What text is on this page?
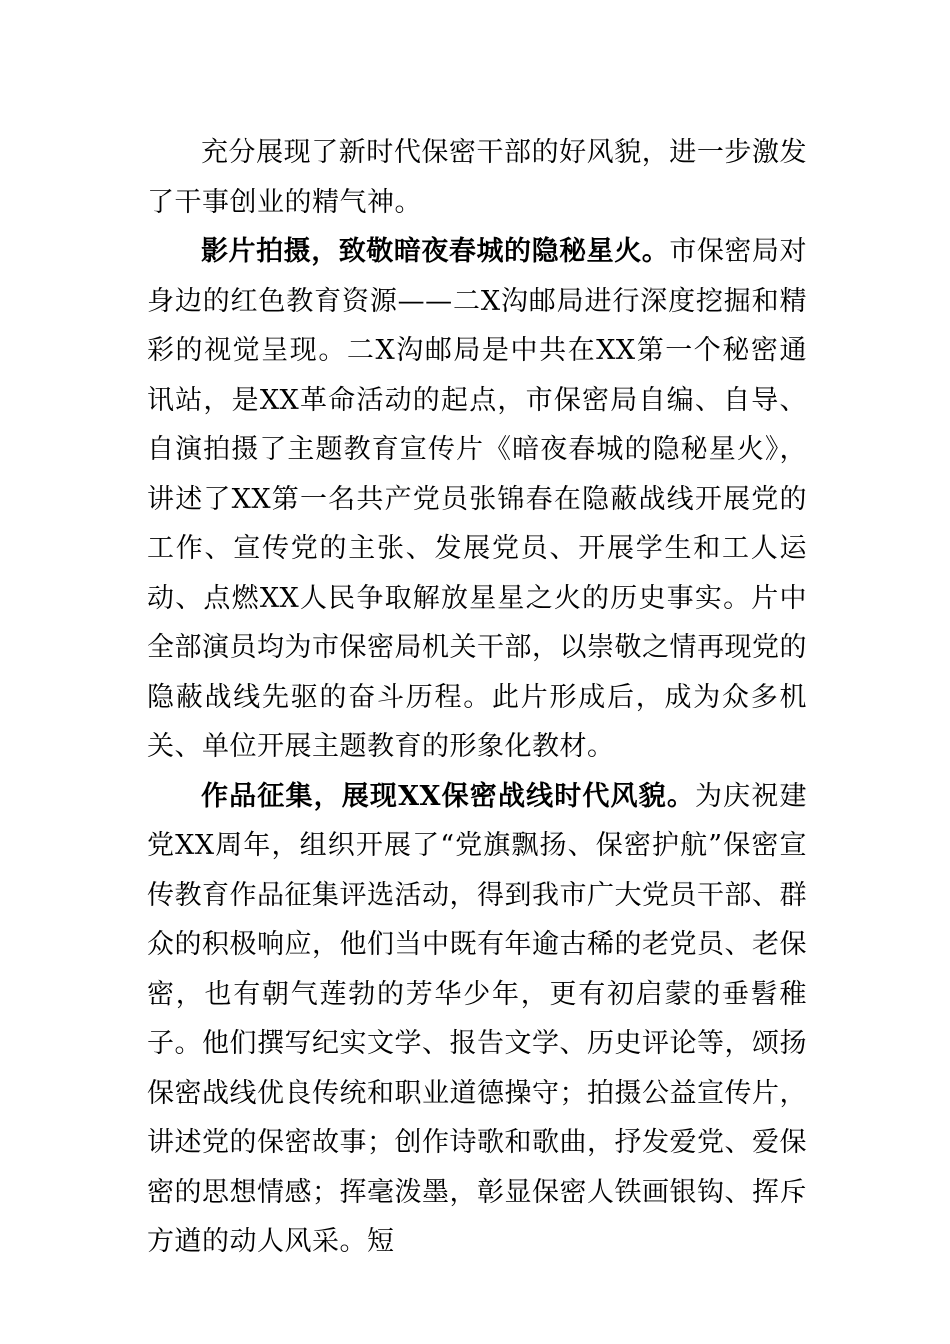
充分展现了新时代保密干部的好风貌，进一步激发了干事创业的精气神。

影片拍摄，致敬暗夜春城的隐秘星火。市保密局对身边的红色教育资源——二X沟邮局进行深度挖掘和精彩的视觉呈现。二X沟邮局是中共在XX第一个秘密通讯站，是XX革命活动的起点，市保密局自编、自导、自演拍摄了主题教育宣传片《暗夜春城的隐秘星火》，讲述了XX第一名共产党员张锦春在隐蔽战线开展党的工作、宣传党的主张、发展党员、开展学生和工人运动、点燃XX人民争取解放星星之火的历史事实。片中全部演员均为市保密局机关干部，以崇敬之情再现党的隐蔽战线先驱的奋斗历程。此片形成后，成为众多机关、单位开展主题教育的形象化教材。

作品征集，展现XX保密战线时代风貌。为庆祝建党XX周年，组织开展了“党旗飘扬、保密护航”保密宣传教育作品征集评选活动，得到我市广大党员干部、群众的积极响应，他们当中既有年逾古稀的老党员、老保密，也有朝气莲勃的芳华少年，更有初启蒙的垂髫稚子。他们撰写纪实文学、报告文学、历史评论等，颂扬保密战线优良传统和职业道德操守；拍摄公益宣传片，讲述党的保密故事；创作诗歌和歌曲，抒发爱党、爱保密的思想情感；挥毫泼墨，彰显保密人铁画银钩、挥斥方遒的动人风采。短
